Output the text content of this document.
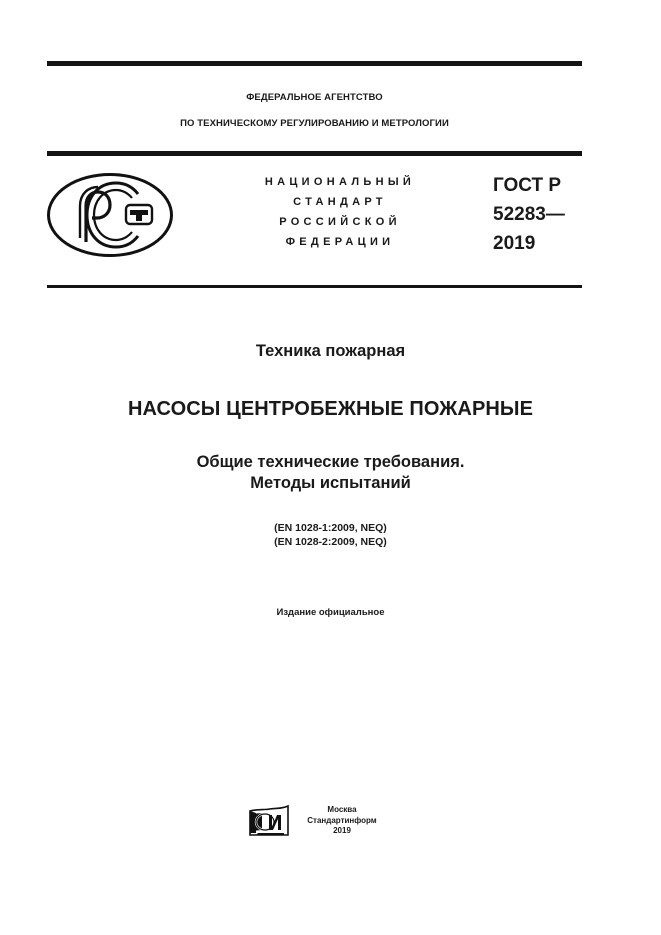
ФЕДЕРАЛЬНОЕ АГЕНТСТВО
ПО ТЕХНИЧЕСКОМУ РЕГУЛИРОВАНИЮ И МЕТРОЛОГИИ
НАЦИОНАЛЬНЫЙ
СТАНДАРТ
РОССИЙСКОЙ
ФЕДЕРАЦИИ
ГОСТ Р
52283—
2019
Техника пожарная
НАСОСЫ ЦЕНТРОБЕЖНЫЕ ПОЖАРНЫЕ
Общие технические требования.
Методы испытаний
(EN 1028-1:2009, NEQ)
(EN 1028-2:2009, NEQ)
Издание официальное
Москва
Стандартинформ
2019
